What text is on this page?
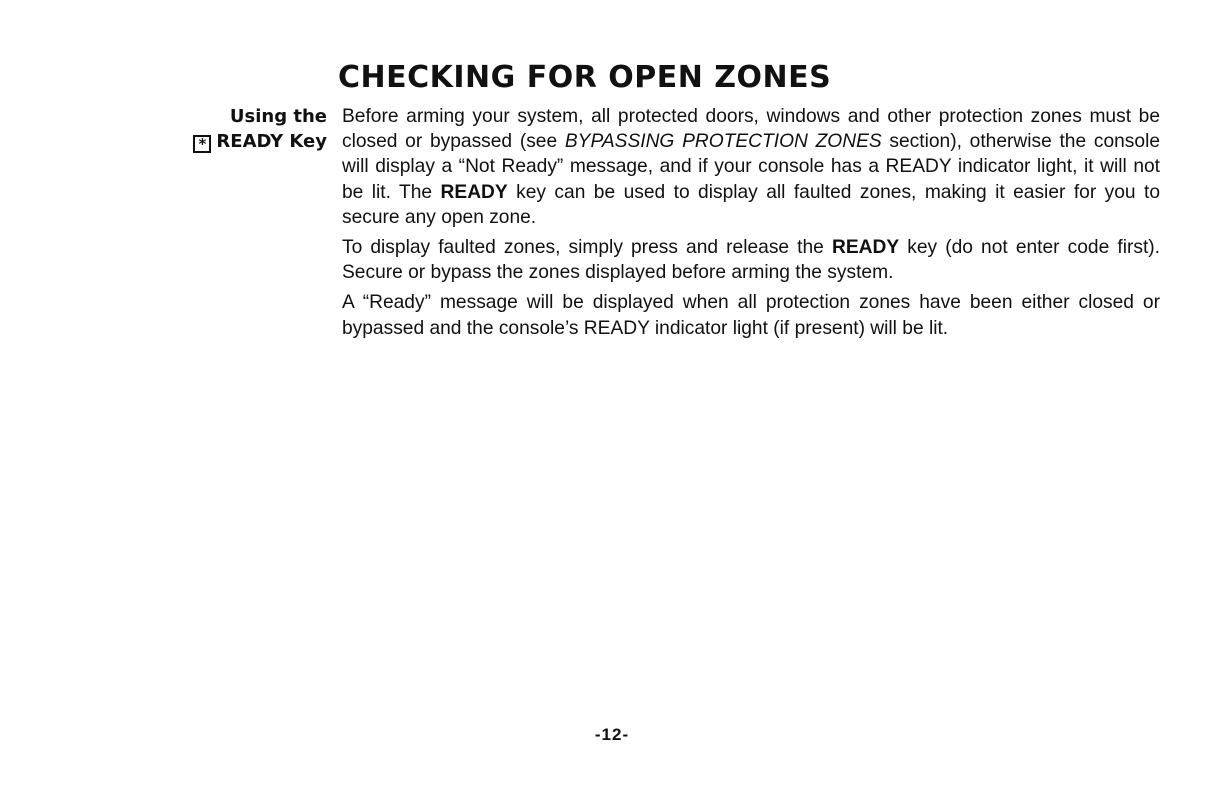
CHECKING FOR OPEN ZONES
Using the
* READY Key

Before arming your system, all protected doors, windows and other protection zones must be closed or bypassed (see BYPASSING PROTECTION ZONES section), otherwise the console will display a “Not Ready” message, and if your console has a READY indicator light, it will not be lit. The READY key can be used to display all faulted zones, making it easier for you to secure any open zone.

To display faulted zones, simply press and release the READY key (do not enter code first). Secure or bypass the zones displayed before arming the system.

A “Ready” message will be displayed when all protection zones have been either closed or bypassed and the console’s READY indicator light (if present) will be lit.

-12-
